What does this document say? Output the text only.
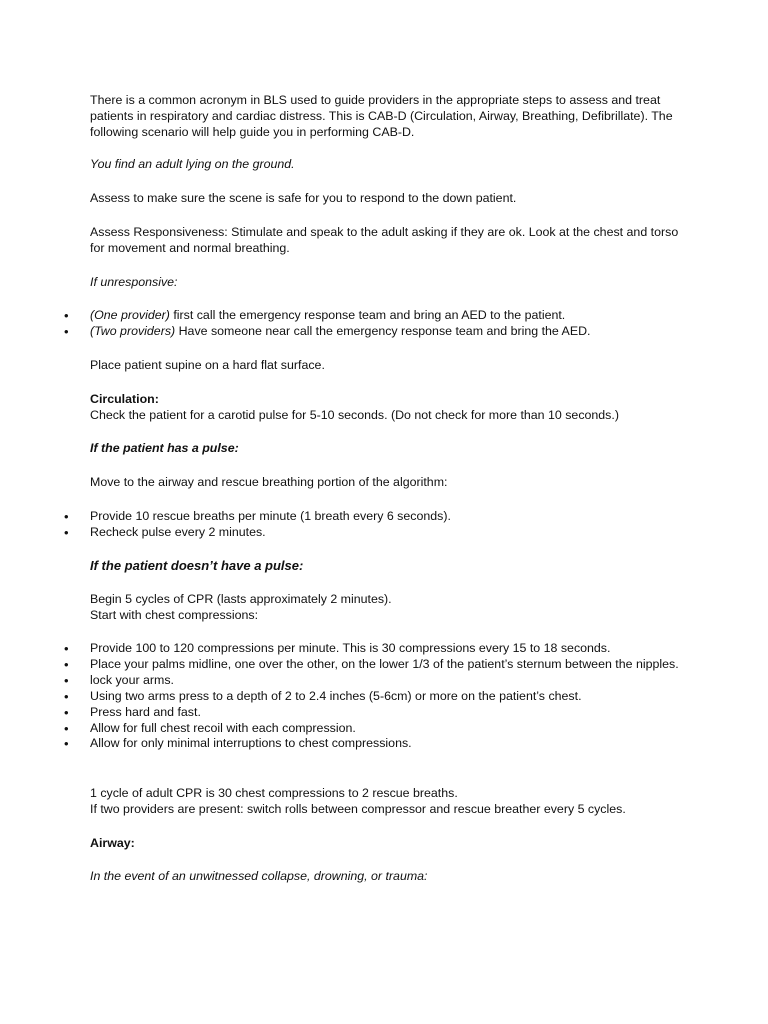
There is a common acronym in BLS used to guide providers in the appropriate steps to assess and treat patients in respiratory and cardiac distress. This is CAB-D (Circulation, Airway, Breathing, Defibrillate). The following scenario will help guide you in performing CAB-D.

You find an adult lying on the ground.

Assess to make sure the scene is safe for you to respond to the down patient.

Assess Responsiveness: Stimulate and speak to the adult asking if they are ok. Look at the chest and torso for movement and normal breathing.

If unresponsive:

• (One provider) first call the emergency response team and bring an AED to the patient.
• (Two providers) Have someone near call the emergency response team and bring the AED.

Place patient supine on a hard flat surface.

Circulation:

Check the patient for a carotid pulse for 5-10 seconds. (Do not check for more than 10 seconds.)

If the patient has a pulse:

Move to the airway and rescue breathing portion of the algorithm:

• Provide 10 rescue breaths per minute (1 breath every 6 seconds).
• Recheck pulse every 2 minutes.

If the patient doesn’t have a pulse:

Begin 5 cycles of CPR (lasts approximately 2 minutes).
Start with chest compressions:

• Provide 100 to 120 compressions per minute. This is 30 compressions every 15 to 18 seconds.
• Place your palms midline, one over the other, on the lower 1/3 of the patient’s sternum between the nipples.
• lock your arms.
• Using two arms press to a depth of 2 to 2.4 inches (5-6cm) or more on the patient’s chest.
• Press hard and fast.
• Allow for full chest recoil with each compression.
• Allow for only minimal interruptions to chest compressions.

1 cycle of adult CPR is 30 chest compressions to 2 rescue breaths.
If two providers are present: switch rolls between compressor and rescue breather every 5 cycles.

Airway:

In the event of an unwitnessed collapse, drowning, or trauma:
